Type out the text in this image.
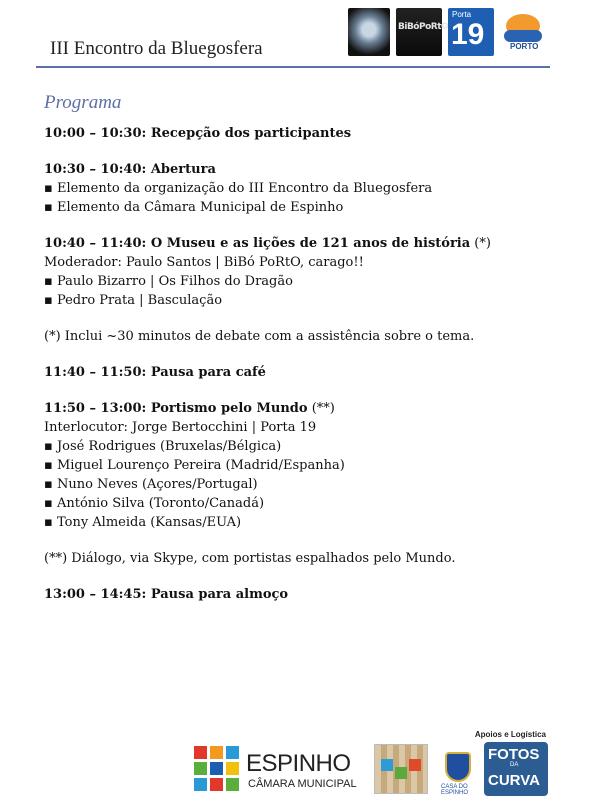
III Encontro da Bluegosfera
BiBóPoRtO
Porta
19	PORTO
Programa
10:00 – 10:30: Recepção dos participantes
10:30 – 10:40: Abertura
▪ Elemento da organização do III Encontro da Bluegosfera
▪ Elemento da Câmara Municipal de Espinho
10:40 – 11:40: O Museu e as lições de 121 anos de história (*)
Moderador: Paulo Santos | BiBó PoRtO, carago!!
▪ Paulo Bizarro | Os Filhos do Dragão
▪ Pedro Prata | Basculação
(*) Inclui ~30 minutos de debate com a assistência sobre o tema.
11:40 – 11:50: Pausa para café
11:50 – 13:00: Portismo pelo Mundo (**)
Interlocutor: Jorge Bertocchini | Porta 19
▪ José Rodrigues (Bruxelas/Bélgica)
▪ Miguel Lourenço Pereira (Madrid/Espanha)
▪ Nuno Neves (Açores/Portugal)
▪ António Silva (Toronto/Canadá)
▪ Tony Almeida (Kansas/EUA)
(**) Diálogo, via Skype, com portistas espalhados pelo Mundo.
13:00 – 14:45: Pausa para almoço
Apoios e Logística
ESPINHO
CÂMARA MUNICIPAL	CASA DO ESPINHO
FOTOS
DA
CURVA
